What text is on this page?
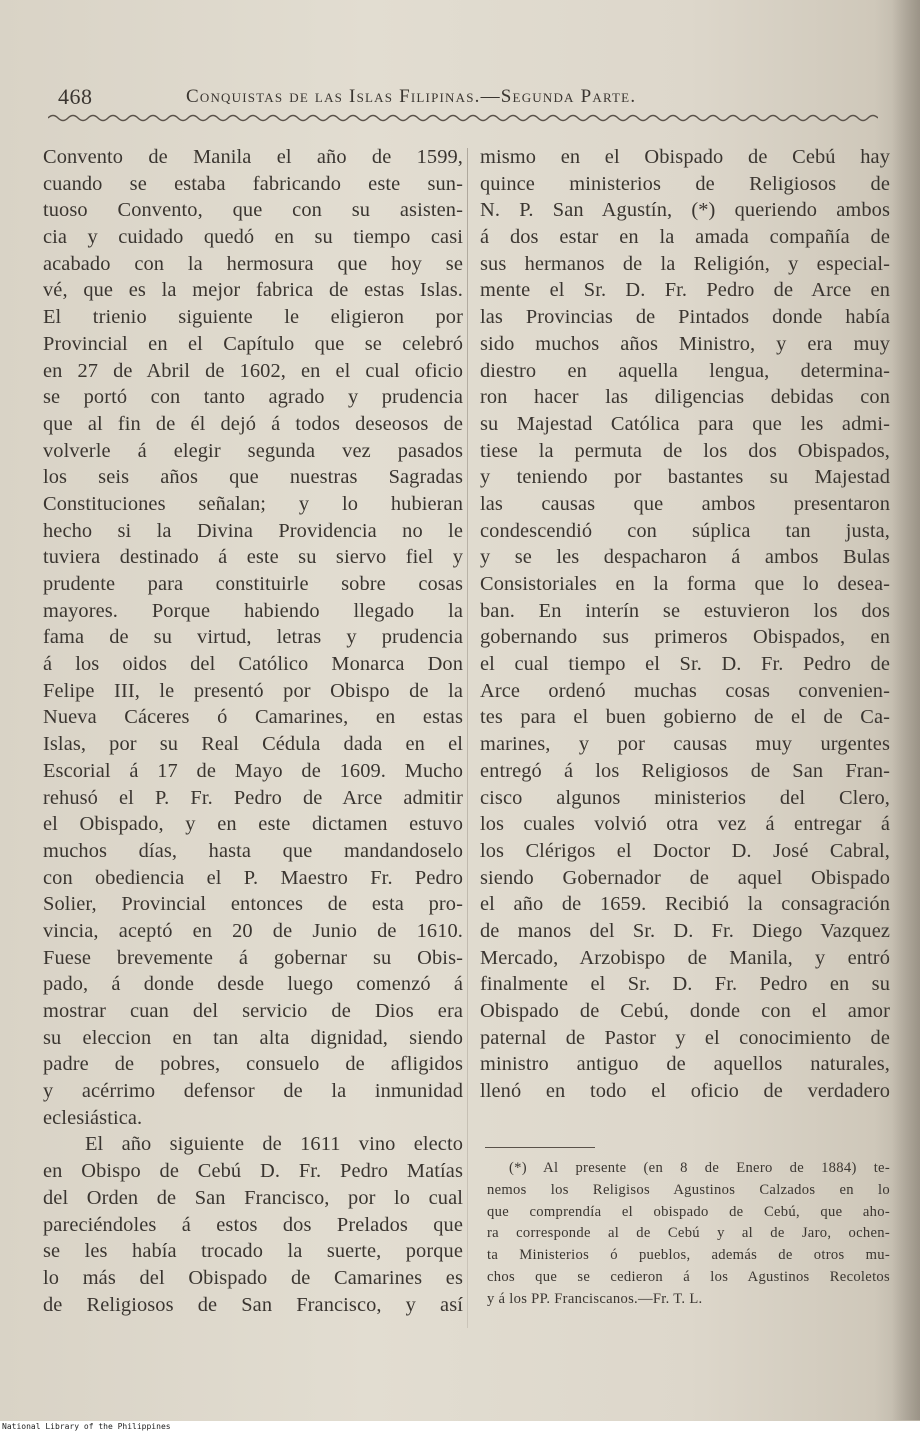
468	Conquistas de las Islas Filipinas.—Segunda Parte.
Convento de Manila el año de 1599,
cuando se estaba fabricando este sun-
tuoso Convento, que con su asisten-
cia y cuidado quedó en su tiempo casi
acabado con la hermosura que hoy se
vé, que es la mejor fabrica de estas Islas.
El trienio siguiente le eligieron por
Provincial en el Capítulo que se celebró
en 27 de Abril de 1602, en el cual oficio
se portó con tanto agrado y prudencia
que al fin de él dejó á todos deseosos de
volverle á elegir segunda vez pasados
los seis años que nuestras Sagradas
Constituciones señalan; y lo hubieran
hecho si la Divina Providencia no le
tuviera destinado á este su siervo fiel y
prudente para constituirle sobre cosas
mayores. Porque habiendo llegado la
fama de su virtud, letras y prudencia
á los oidos del Católico Monarca Don
Felipe III, le presentó por Obispo de la
Nueva Cáceres ó Camarines, en estas
Islas, por su Real Cédula dada en el
Escorial á 17 de Mayo de 1609. Mucho
rehusó el P. Fr. Pedro de Arce admitir
el Obispado, y en este dictamen estuvo
muchos días, hasta que mandandoselo
con obediencia el P. Maestro Fr. Pedro
Solier, Provincial entonces de esta pro-
vincia, aceptó en 20 de Junio de 1610.
Fuese brevemente á gobernar su Obis-
pado, á donde desde luego comenzó á
mostrar cuan del servicio de Dios era
su eleccion en tan alta dignidad, siendo
padre de pobres, consuelo de afligidos
y acérrimo defensor de la inmunidad
eclesiástica.
El año siguiente de 1611 vino electo
en Obispo de Cebú D. Fr. Pedro Matías
del Orden de San Francisco, por lo cual
pareciéndoles á estos dos Prelados que
se les había trocado la suerte, porque
lo más del Obispado de Camarines es
de Religiosos de San Francisco, y así
mismo en el Obispado de Cebú hay
quince ministerios de Religiosos de
N. P. San Agustín, (*) queriendo ambos
á dos estar en la amada compañía de
sus hermanos de la Religión, y especial-
mente el Sr. D. Fr. Pedro de Arce en
las Provincias de Pintados donde había
sido muchos años Ministro, y era muy
diestro en aquella lengua, determina-
ron hacer las diligencias debidas con
su Majestad Católica para que les admi-
tiese la permuta de los dos Obispados,
y teniendo por bastantes su Majestad
las causas que ambos presentaron
condescendió con súplica tan justa,
y se les despacharon á ambos Bulas
Consistoriales en la forma que lo desea-
ban. En interín se estuvieron los dos
gobernando sus primeros Obispados, en
el cual tiempo el Sr. D. Fr. Pedro de
Arce ordenó muchas cosas convenien-
tes para el buen gobierno de el de Ca-
marines, y por causas muy urgentes
entregó á los Religiosos de San Fran-
cisco algunos ministerios del Clero,
los cuales volvió otra vez á entregar á
los Clérigos el Doctor D. José Cabral,
siendo Gobernador de aquel Obispado
el año de 1659. Recibió la consagración
de manos del Sr. D. Fr. Diego Vazquez
Mercado, Arzobispo de Manila, y entró
finalmente el Sr. D. Fr. Pedro en su
Obispado de Cebú, donde con el amor
paternal de Pastor y el conocimiento de
ministro antiguo de aquellos naturales,
llenó en todo el oficio de verdadero
(*) Al presente (en 8 de Enero de 1884) te-
nemos los Religisos Agustinos Calzados en lo
que comprendía el obispado de Cebú, que aho-
ra corresponde al de Cebú y al de Jaro, ochen-
ta Ministerios ó pueblos, además de otros mu-
chos que se cedieron á los Agustinos Recoletos
y á los PP. Franciscanos.—Fr. T. L.
National Library of the Philippines
